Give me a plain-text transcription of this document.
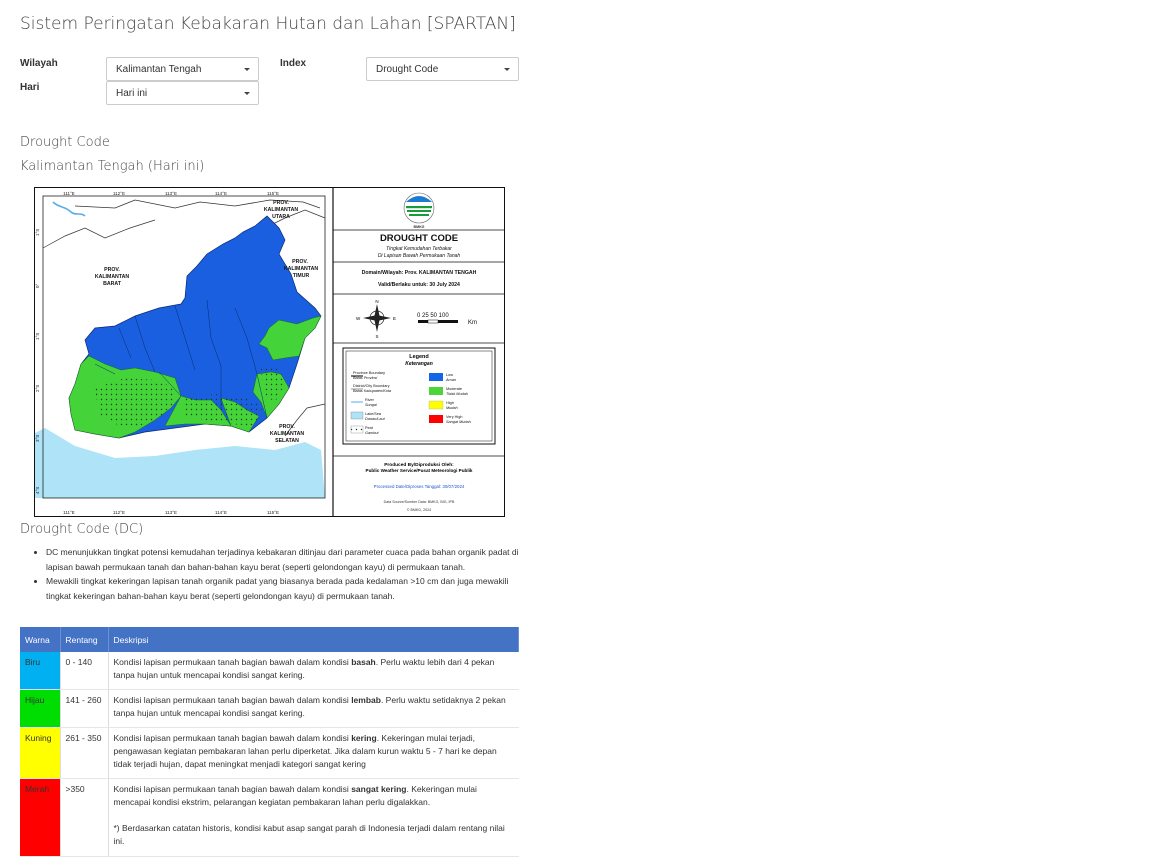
Sistem Peringatan Kebakaran Hutan dan Lahan [SPARTAN]
Wilayah
Kalimantan Tengah
Hari
Hari ini
Index
Drought Code
Drought Code
Kalimantan Tengah (Hari ini)
PROV.
KALIMANTAN
BARAT
PROV.
KALIMANTAN
TIMUR
PROV.
KALIMANTAN
UTARA
PROV.
KALIMANTAN
SELATAN
111°E	112°E	113°E	114°E	115°E
111°E	112°E	113°E	114°E	115°E
1°S
0°
1°S
2°S
3°S
4°S
BMKG
DROUGHT CODE
Tingkat Kemudahan Terbakar
Di Lapisan Bawah Permukaan Tanah
Domain/Wilayah: Prov. KALIMANTAN TENGAH
Valid/Berlaku untuk: 30 July 2024
N
S
E
W	0 25 50 100
Km
Legend
Keterangan
Province Boundary
Batas Provinsi
District/City Boundary
Batas Kabupaten/Kota
River
Sungai
Lake/Sea
Danau/Laut
Peat
Gambut
Low
Aman
Moderate
Tidak Mudah
High
Mudah
Very High
Sangat Mudah
Produced By/Diproduksi Oleh:
Public Weather Service/Pusat Meteorologi Publik
Processed Date/Diproses Tanggal: 30/07/2024
Data Source/Sumber Data: BMKG, BIG, IPB
© BMKG, 2024
Drought Code (DC)
• DC menunjukkan tingkat potensi kemudahan terjadinya kebakaran ditinjau dari parameter cuaca pada bahan organik padat di lapisan bawah permukaan tanah dan bahan-bahan kayu berat (seperti gelondongan kayu) di permukaan tanah.
• Mewakili tingkat kekeringan lapisan tanah organik padat yang biasanya berada pada kedalaman >10 cm dan juga mewakili tingkat kekeringan bahan-bahan kayu berat (seperti gelondongan kayu) di permukaan tanah.
Warna	Rentang	Deskripsi
Biru	0 - 140	Kondisi lapisan permukaan tanah bagian bawah dalam kondisi basah. Perlu waktu lebih dari 4 pekan tanpa hujan untuk mencapai kondisi sangat kering.
Hijau	141 - 260	Kondisi lapisan permukaan tanah bagian bawah dalam kondisi lembab. Perlu waktu setidaknya 2 pekan tanpa hujan untuk mencapai kondisi sangat kering.
Kuning	261 - 350	Kondisi lapisan permukaan tanah bagian bawah dalam kondisi kering. Kekeringan mulai terjadi, pengawasan kegiatan pembakaran lahan perlu diperketat. Jika dalam kurun waktu 5 - 7 hari ke depan tidak terjadi hujan, dapat meningkat menjadi kategori sangat kering
Merah	>350	Kondisi lapisan permukaan tanah bagian bawah dalam kondisi sangat kering. Kekeringan mulai mencapai kondisi ekstrim, pelarangan kegiatan pembakaran lahan perlu digalakkan.
*) Berdasarkan catatan historis, kondisi kabut asap sangat parah di Indonesia terjadi dalam rentang nilai ini.
